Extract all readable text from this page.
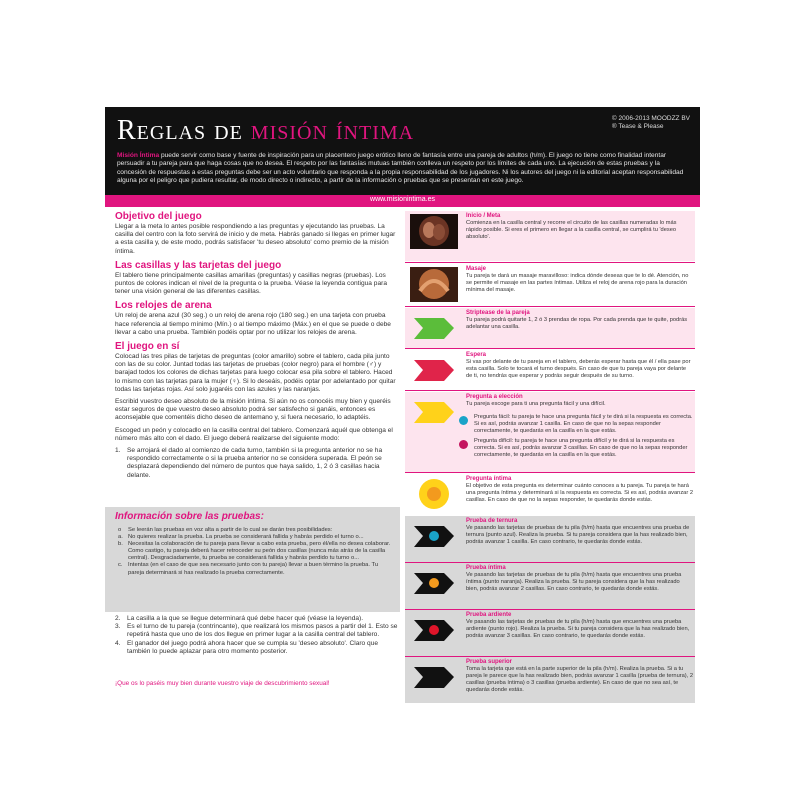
Reglas de misión íntima	© 2006-2013 MOODZZ BV
® Tease & Please
Misión Íntima puede servir como base y fuente de inspiración para un placentero juego erótico lleno de fantasía entre una pareja de adultos (h/m). El juego no tiene como finalidad intentar persuadir a tu pareja para que haga cosas que no desea. El respeto por las fantasías mutuas también conlleva un respeto por los límites de cada uno. La ejecución de estas pruebas y la concesión de respuestas a estas preguntas debe ser un acto voluntario que responda a la propia responsabilidad de los jugadores. Ni los autores del juego ni la editorial aceptan responsabilidad alguna por el peligro que pudiera resultar, de modo directo o indirecto, a partir de la información o pruebas que se presentan en este juego.
www.misionintima.es
Objetivo del juego
Llegar a la meta lo antes posible respondiendo a las preguntas y ejecutando las pruebas. La casilla del centro con la foto servirá de inicio y de meta. Habrás ganado si llegas en primer lugar a esta casilla y, de este modo, podrás satisfacer 'tu deseo absoluto' como premio de la misión íntima.
Las casillas y las tarjetas del juego
El tablero tiene principalmente casillas amarillas (preguntas) y casillas negras (pruebas). Los puntos de colores indican el nivel de la pregunta o la prueba. Véase la leyenda contigua para tener una visión general de las diferentes casillas.
Los relojes de arena
Un reloj de arena azul (30 seg.) o un reloj de arena rojo (180 seg.) en una tarjeta con prueba hace referencia al tiempo mínimo (Mín.) o al tiempo máximo (Máx.) en el que se puede o debe llevar a cabo una prueba. También podéis optar por no utilizar los relojes de arena.
El juego en sí
Colocad las tres pilas de tarjetas de preguntas (color amarillo) sobre el tablero, cada pila junto con las de su color. Juntad todas las tarjetas de pruebas (color negro) para el hombre (♂) y barajad todos los colores de dichas tarjetas para luego colocar esa pila sobre el tablero. Haced lo mismo con las tarjetas para la mujer (♀). Si lo deseáis, podéis optar por adelantado por quitar todas las tarjetas rojas. Así solo jugaréis con las azules y las naranjas.
Escribid vuestro deseo absoluto de la misión íntima. Si aún no os conocéis muy bien y queréis estar seguros de que vuestro deseo absoluto podrá ser satisfecho si ganáis, entonces es aconsejable que comentéis dicho deseo de antemano y, si fuera necesario, lo adaptéis.
Escoged un peón y colocadlo en la casilla central del tablero. Comenzará aquél que obtenga el número más alto con el dado. El juego deberá realizarse del siguiente modo:
1. Se arrojará el dado al comienzo de cada turno, también si la pregunta anterior no se ha respondido correctamente o si la prueba anterior no se considera superada. El peón se desplazará dependiendo del número de puntos que haya salido, 1, 2 ó 3 casillas hacia delante.
Información sobre las pruebas:
o	Se leerán las pruebas en voz alta a partir de lo cual se darán tres posibilidades:
a. No quieres realizar la prueba. La prueba se considerará fallida y habrás perdido el turno o...
b. Necesitas la colaboración de tu pareja para llevar a cabo esta prueba, pero él/ella no desea colaborar. Como castigo, tu pareja deberá hacer retroceder su peón dos casillas (nunca más atrás de la casilla central). Desgraciadamente, tu prueba se considerará fallida y habrás perdido tu turno o...
c. Intentas (en el caso de que sea necesario junto con tu pareja) llevar a buen término la prueba. Tu pareja determinará si has realizado la prueba correctamente.
2. La casilla a la que se llegue determinará qué debe hacer qué (véase la leyenda).
3. Es el turno de tu pareja (contrincante), que realizará los mismos pasos a partir del 1. Esto se repetirá hasta que uno de los dos llegue en primer lugar a la casilla central del tablero.
4. El ganador del juego podrá ahora hacer que se cumpla su 'deseo absoluto'. Claro que también lo puede aplazar para otro momento posterior.
¡Que os lo paséis muy bien durante vuestro viaje de descubrimiento sexual!
Inicio / Meta
Comienza en la casilla central y recorre el circuito de las casillas numeradas lo más rápido posible. Si eres el primero en llegar a la casilla central, se cumplirá tu 'deseo absoluto'.
Masaje
Tu pareja te dará un masaje maravilloso: indica dónde deseas que te lo dé. Atención, no se permite el masaje en las partes íntimas. Utiliza el reloj de arena rojo para la duración mínima del masaje.
Striptease de la pareja
Tu pareja podrá quitarte 1, 2 ó 3 prendas de ropa. Por cada prenda que te quite, podrás adelantar una casilla.
Espera
Si vas por delante de tu pareja en el tablero, deberás esperar hasta que él / ella pase por esta casilla. Solo te tocará el turno después. En caso de que tu pareja vaya por delante de ti, no tendrás que esperar y podrás seguir después de su turno.
Pregunta a elección
Tu pareja escoge para ti una pregunta fácil y una difícil.
Pregunta fácil: tu pareja te hace una pregunta fácil y te dirá si la respuesta es correcta. Si es así, podrás avanzar 1 casilla. En caso de que no la sepas responder correctamente, te quedarás en la casilla en la que estás.
Pregunta difícil: tu pareja te hace una pregunta difícil y te dirá si la respuesta es correcta. Si es así, podrás avanzar 3 casillas. En caso de que no la sepas responder correctamente, te quedarás en la casilla en la que estás.
Pregunta íntima
El objetivo de esta pregunta es determinar cuánto conoces a tu pareja. Tu pareja te hará una pregunta íntima y determinará si la respuesta es correcta. Si es así, podrás avanzar 2 casillas. En caso de que no la sepas responder, te quedarás donde estás.
Prueba de ternura
Ve pasando las tarjetas de pruebas de tu pila (h/m) hasta que encuentres una prueba de ternura (punto azul). Realiza la prueba. Si tu pareja considera que la has realizado bien, podrás avanzar 1 casilla. En caso contrario, te quedarás donde estás.
Prueba íntima
Ve pasando las tarjetas de pruebas de tu pila (h/m) hasta que encuentres una prueba íntima (punto naranja). Realiza la prueba. Si tu pareja considera que la has realizado bien, podrás avanzar 2 casillas. En caso contrario, te quedarás donde estás.
Prueba ardiente
Ve pasando las tarjetas de pruebas de tu pila (h/m) hasta que encuentres una prueba ardiente (punto rojo). Realiza la prueba. Si tu pareja considera que la has realizado bien, podrás avanzar 3 casillas. En caso contrario, te quedarás donde estás.
Prueba superior
Toma la tarjeta que está en la parte superior de la pila (h/m). Realiza la prueba. Si a tu pareja le parece que la has realizado bien, podrás avanzar 1 casilla (prueba de ternura), 2 casillas (prueba íntima) o 3 casillas (prueba ardiente). En caso de que no sea así, te quedarás donde estás.
